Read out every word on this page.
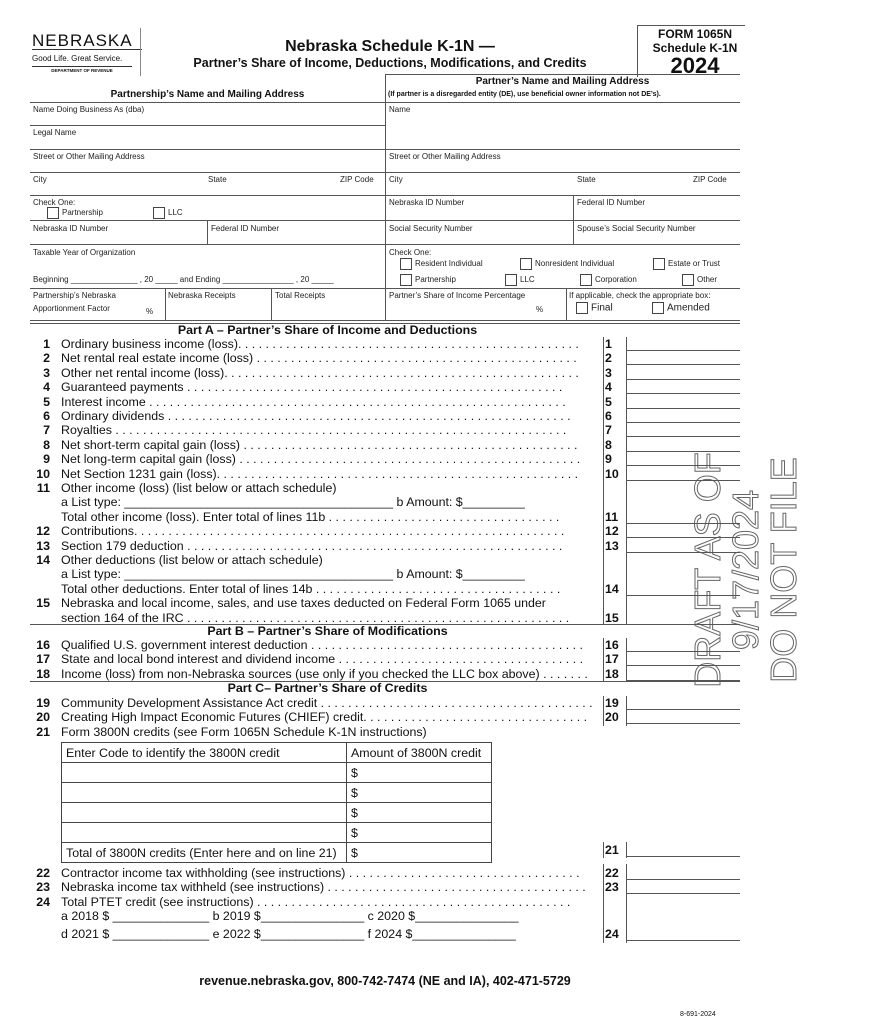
NEBRASKA
Good Life. Great Service.
DEPARTMENT OF REVENUE
Nebraska Schedule K-1N —
Partner’s Share of Income, Deductions, Modifications, and Credits
FORM 1065N
Schedule K-1N
2024
Partner’s Name and Mailing Address
Partnership’s Name and Mailing Address	(If partner is a disregarded entity (DE), use beneficial owner information not DE’s).
Name Doing Business As (dba)
Legal Name
Street or Other Mailing Address
City	State	ZIP Code
Check One:
Partnership	LLC
Nebraska ID Number	Federal ID Number
Taxable Year of Organization
Beginning _______________ , 20 _____ and Ending ________________ , 20 _____
Partnership’s Nebraska
Apportionment Factor	%
Nebraska Receipts	Total Receipts
Name
Street or Other Mailing Address
City	State	ZIP Code
Nebraska ID Number	Federal ID Number
Social Security Number	Spouse’s Social Security Number
Check One:
Resident Individual	Nonresident Individual	Estate or Trust
Partnership	LLC	Corporation	Other
Partner’s Share of Income Percentage
%
If applicable, check the appropriate box:
Final	Amended
DRAFT AS OF 9/17/2024
DO NOT FILE
Part A – Partner’s Share of Income and Deductions
1 Ordinary business income (loss). . . . . . . . . . . . . . . . . . . . . . . . . . . . . . . . . . . . . . . . . . . . . . . . . .	1
2 Net rental real estate income (loss) . . . . . . . . . . . . . . . . . . . . . . . . . . . . . . . . . . . . . . . . . . . . . . .	2
3 Other net rental income (loss). . . . . . . . . . . . . . . . . . . . . . . . . . . . . . . . . . . . . . . . . . . . . . . . . . . .	3
4 Guaranteed payments . . . . . . . . . . . . . . . . . . . . . . . . . . . . . . . . . . . . . . . . . . . . . . . . . . . . . . .	4
5 Interest income . . . . . . . . . . . . . . . . . . . . . . . . . . . . . . . . . . . . . . . . . . . . . . . . . . . . . . . . . . . . .	5
6 Ordinary dividends . . . . . . . . . . . . . . . . . . . . . . . . . . . . . . . . . . . . . . . . . . . . . . . . . . . . . . . . . . .	6
7 Royalties . . . . . . . . . . . . . . . . . . . . . . . . . . . . . . . . . . . . . . . . . . . . . . . . . . . . . . . . . . . . . . . . . .	7
8 Net short-term capital gain (loss) . . . . . . . . . . . . . . . . . . . . . . . . . . . . . . . . . . . . . . . . . . . . . . . . .	8
9 Net long-term capital gain (loss) . . . . . . . . . . . . . . . . . . . . . . . . . . . . . . . . . . . . . . . . . . . . . . . . . .	9
10 Net Section 1231 gain (loss). . . . . . . . . . . . . . . . . . . . . . . . . . . . . . . . . . . . . . . . . . . . . . . . . . . . .	10
11 Other income (loss) (list below or attach schedule)
a List type: _______________________________________ b Amount: $_________
Total other income (loss). Enter total of lines 11b . . . . . . . . . . . . . . . . . . . . . . . . . . . . . . . . . .	11
12 Contributions. . . . . . . . . . . . . . . . . . . . . . . . . . . . . . . . . . . . . . . . . . . . . . . . . . . . . . . . . . . . . . .	12
13 Section 179 deduction . . . . . . . . . . . . . . . . . . . . . . . . . . . . . . . . . . . . . . . . . . . . . . . . . . . . . . .	13
14 Other deductions (list below or attach schedule)
a List type: _______________________________________ b Amount: $_________
Total other deductions. Enter total of lines 14b . . . . . . . . . . . . . . . . . . . . . . . . . . . . . . . . . . . .	14
15 Nebraska and local income, sales, and use taxes deducted on Federal Form 1065 under
section 164 of the IRC . . . . . . . . . . . . . . . . . . . . . . . . . . . . . . . . . . . . . . . . . . . . . . . . . . . . . . . .	15
Part B – Partner’s Share of Modifications
16 Qualified U.S. government interest deduction . . . . . . . . . . . . . . . . . . . . . . . . . . . . . . . . . . . . . . . .	16
17 State and local bond interest and dividend income . . . . . . . . . . . . . . . . . . . . . . . . . . . . . . . . . . . .	17
18 Income (loss) from non-Nebraska sources (use only if you checked the LLC box above) . . . . . . .	18
Part C– Partner’s Share of Credits
19 Community Development Assistance Act credit . . . . . . . . . . . . . . . . . . . . . . . . . . . . . . . . . . . . . . . .	19
20 Creating High Impact Economic Futures (CHIEF) credit. . . . . . . . . . . . . . . . . . . . . . . . . . . . . . . . .	20
21 Form 3800N credits (see Form 1065N Schedule K-1N instructions)
21
22 Contractor income tax withholding (see instructions) . . . . . . . . . . . . . . . . . . . . . . . . . . . . . . . . . .	22
23 Nebraska income tax withheld (see instructions) . . . . . . . . . . . . . . . . . . . . . . . . . . . . . . . . . . . . . .	23
24 Total PTET credit (see instructions) . . . . . . . . . . . . . . . . . . . . . . . . . . . . . . . . . . . . . . . . . . . . . .
a 2018 $ ______________ b 2019 $_______________ c 2020 $_______________
d 2021 $ ______________ e 2022 $_______________ f 2024 $_______________	24
Enter Code to identify the 3800N credit	Amount of 3800N credit
	$
	$
	$
	$
Total of 3800N credits (Enter here and on line 21)	$
revenue.nebraska.gov, 800-742-7474 (NE and IA), 402-471-5729
8-691-2024
